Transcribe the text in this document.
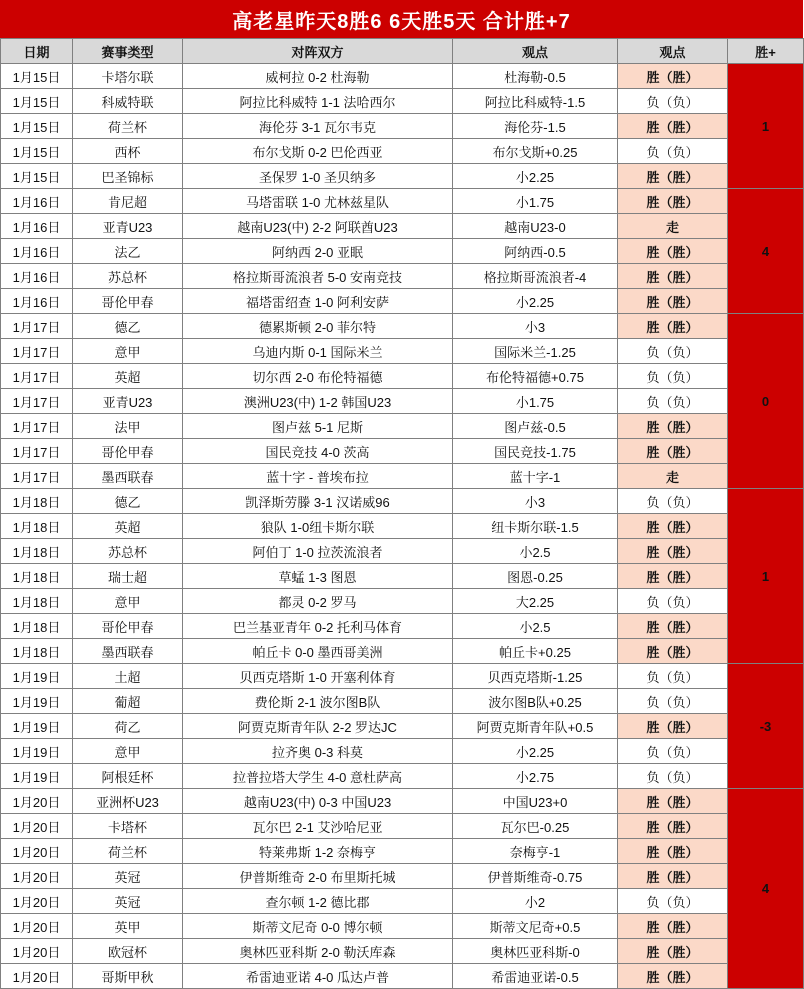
高老星昨天8胜6 6天胜5天 合计胜+7
日期	赛事类型	对阵双方	观点	观点	胜+
1月15日	卡塔尔联	威柯拉 0-2 杜海勒	杜海勒-0.5	胜（胜）	1
1月15日	科威特联	阿拉比科威特 1-1 法哈西尔	阿拉比科威特-1.5	负（负）	
1月15日	荷兰杯	海伦芬 3-1 瓦尔韦克	海伦芬-1.5	胜（胜）	
1月15日	西杯	布尔戈斯 0-2 巴伦西亚	布尔戈斯+0.25	负（负）	
1月15日	巴圣锦标	圣保罗 1-0 圣贝纳多	小2.25	胜（胜）	
1月16日	肯尼超	马塔雷联 1-0 尤林兹星队	小1.75	胜（胜）	4
1月16日	亚青U23	越南U23(中) 2-2 阿联酋U23	越南U23-0	走	
1月16日	法乙	阿纳西 2-0 亚眠	阿纳西-0.5	胜（胜）	
1月16日	苏总杯	格拉斯哥流浪者 5-0 安南竞技	格拉斯哥流浪者-4	胜（胜）	
1月16日	哥伦甲春	福塔雷绍查 1-0 阿利安萨	小2.25	胜（胜）	
1月17日	德乙	德累斯顿 2-0 菲尔特	小3	胜（胜）	0
1月17日	意甲	乌迪内斯 0-1 国际米兰	国际米兰-1.25	负（负）	
1月17日	英超	切尔西 2-0 布伦特福德	布伦特福德+0.75	负（负）	
1月17日	亚青U23	澳洲U23(中) 1-2 韩国U23	小1.75	负（负）	
1月17日	法甲	图卢兹 5-1 尼斯	图卢兹-0.5	胜（胜）	
1月17日	哥伦甲春	国民竞技 4-0 茨高	国民竞技-1.75	胜（胜）	
1月17日	墨西联春	蓝十字 - 普埃布拉	蓝十字-1	走	
1月18日	德乙	凯泽斯劳滕 3-1 汉诺威96	小3	负（负）	1
1月18日	英超	狼队 1-0纽卡斯尔联	纽卡斯尔联-1.5	胜（胜）	
1月18日	苏总杯	阿伯丁 1-0 拉茨流浪者	小2.5	胜（胜）	
1月18日	瑞士超	草蜢 1-3 图恩	图恩-0.25	胜（胜）	
1月18日	意甲	都灵 0-2 罗马	大2.25	负（负）	
1月18日	哥伦甲春	巴兰基亚青年 0-2 托利马体育	小2.5	胜（胜）	
1月18日	墨西联春	帕丘卡 0-0 墨西哥美洲	帕丘卡+0.25	胜（胜）	
1月19日	土超	贝西克塔斯 1-0 开塞利体育	贝西克塔斯-1.25	负（负）	-3
1月19日	葡超	费伦斯 2-1 波尔图B队	波尔图B队+0.25	负（负）	
1月19日	荷乙	阿贾克斯青年队 2-2 罗达JC	阿贾克斯青年队+0.5	胜（胜）	
1月19日	意甲	拉齐奥 0-3 科莫	小2.25	负（负）	
1月19日	阿根廷杯	拉普拉塔大学生 4-0 意杜萨高	小2.75	负（负）	
1月20日	亚洲杯U23	越南U23(中) 0-3 中国U23	中国U23+0	胜（胜）	4
1月20日	卡塔杯	瓦尔巴 2-1 艾沙哈尼亚	瓦尔巴-0.25	胜（胜）	
1月20日	荷兰杯	特莱弗斯 1-2 奈梅亨	奈梅亨-1	胜（胜）	
1月20日	英冠	伊普斯维奇 2-0 布里斯托城	伊普斯维奇-0.75	胜（胜）	
1月20日	英冠	查尔顿 1-2 德比郡	小2	负（负）	
1月20日	英甲	斯蒂文尼奇 0-0 博尔顿	斯蒂文尼奇+0.5	胜（胜）	
1月20日	欧冠杯	奥林匹亚科斯 2-0 勒沃库森	奥林匹亚科斯-0	胜（胜）	
1月20日	哥斯甲秋	希雷迪亚诺 4-0 瓜达卢普	希雷迪亚诺-0.5	胜（胜）	
